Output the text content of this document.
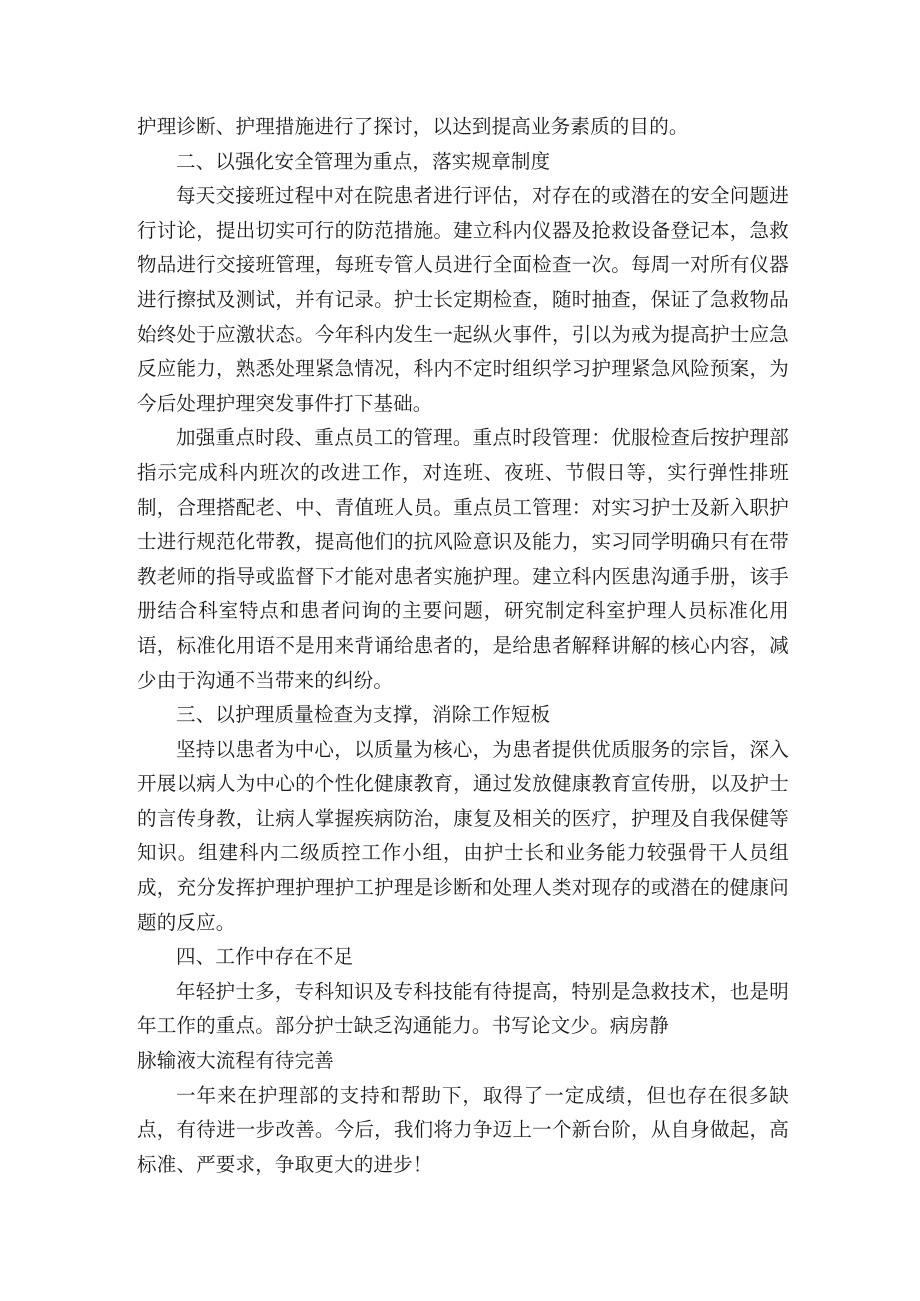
护理诊断、护理措施进行了探讨，以达到提高业务素质的目的。

二、以强化安全管理为重点，落实规章制度

每天交接班过程中对在院患者进行评估，对存在的或潜在的安全问题进行讨论，提出切实可行的防范措施。建立科内仪器及抢救设备登记本，急救物品进行交接班管理，每班专管人员进行全面检查一次。每周一对所有仪器进行擦拭及测试，并有记录。护士长定期检查，随时抽查，保证了急救物品始终处于应激状态。今年科内发生一起纵火事件，引以为戒为提高护士应急反应能力，熟悉处理紧急情况，科内不定时组织学习护理紧急风险预案，为今后处理护理突发事件打下基础。

加强重点时段、重点员工的管理。重点时段管理：优服检查后按护理部指示完成科内班次的改进工作，对连班、夜班、节假日等，实行弹性排班制，合理搭配老、中、青值班人员。重点员工管理：对实习护士及新入职护士进行规范化带教，提高他们的抗风险意识及能力，实习同学明确只有在带教老师的指导或监督下才能对患者实施护理。建立科内医患沟通手册，该手册结合科室特点和患者问询的主要问题，研究制定科室护理人员标准化用语，标准化用语不是用来背诵给患者的，是给患者解释讲解的核心内容，减少由于沟通不当带来的纠纷。

三、以护理质量检查为支撑，消除工作短板

坚持以患者为中心，以质量为核心，为患者提供优质服务的宗旨，深入开展以病人为中心的个性化健康教育，通过发放健康教育宣传册，以及护士的言传身教，让病人掌握疾病防治，康复及相关的医疗，护理及自我保健等知识。组建科内二级质控工作小组，由护士长和业务能力较强骨干人员组成，充分发挥护理护理护工护理是诊断和处理人类对现存的或潜在的健康问题的反应。

四、工作中存在不足

年轻护士多，专科知识及专科技能有待提高，特别是急救技术，也是明年工作的重点。部分护士缺乏沟通能力。书写论文少。病房静

脉输液大流程有待完善

一年来在护理部的支持和帮助下，取得了一定成绩，但也存在很多缺点，有待进一步改善。今后，我们将力争迈上一个新台阶，从自身做起，高标准、严要求，争取更大的进步！
